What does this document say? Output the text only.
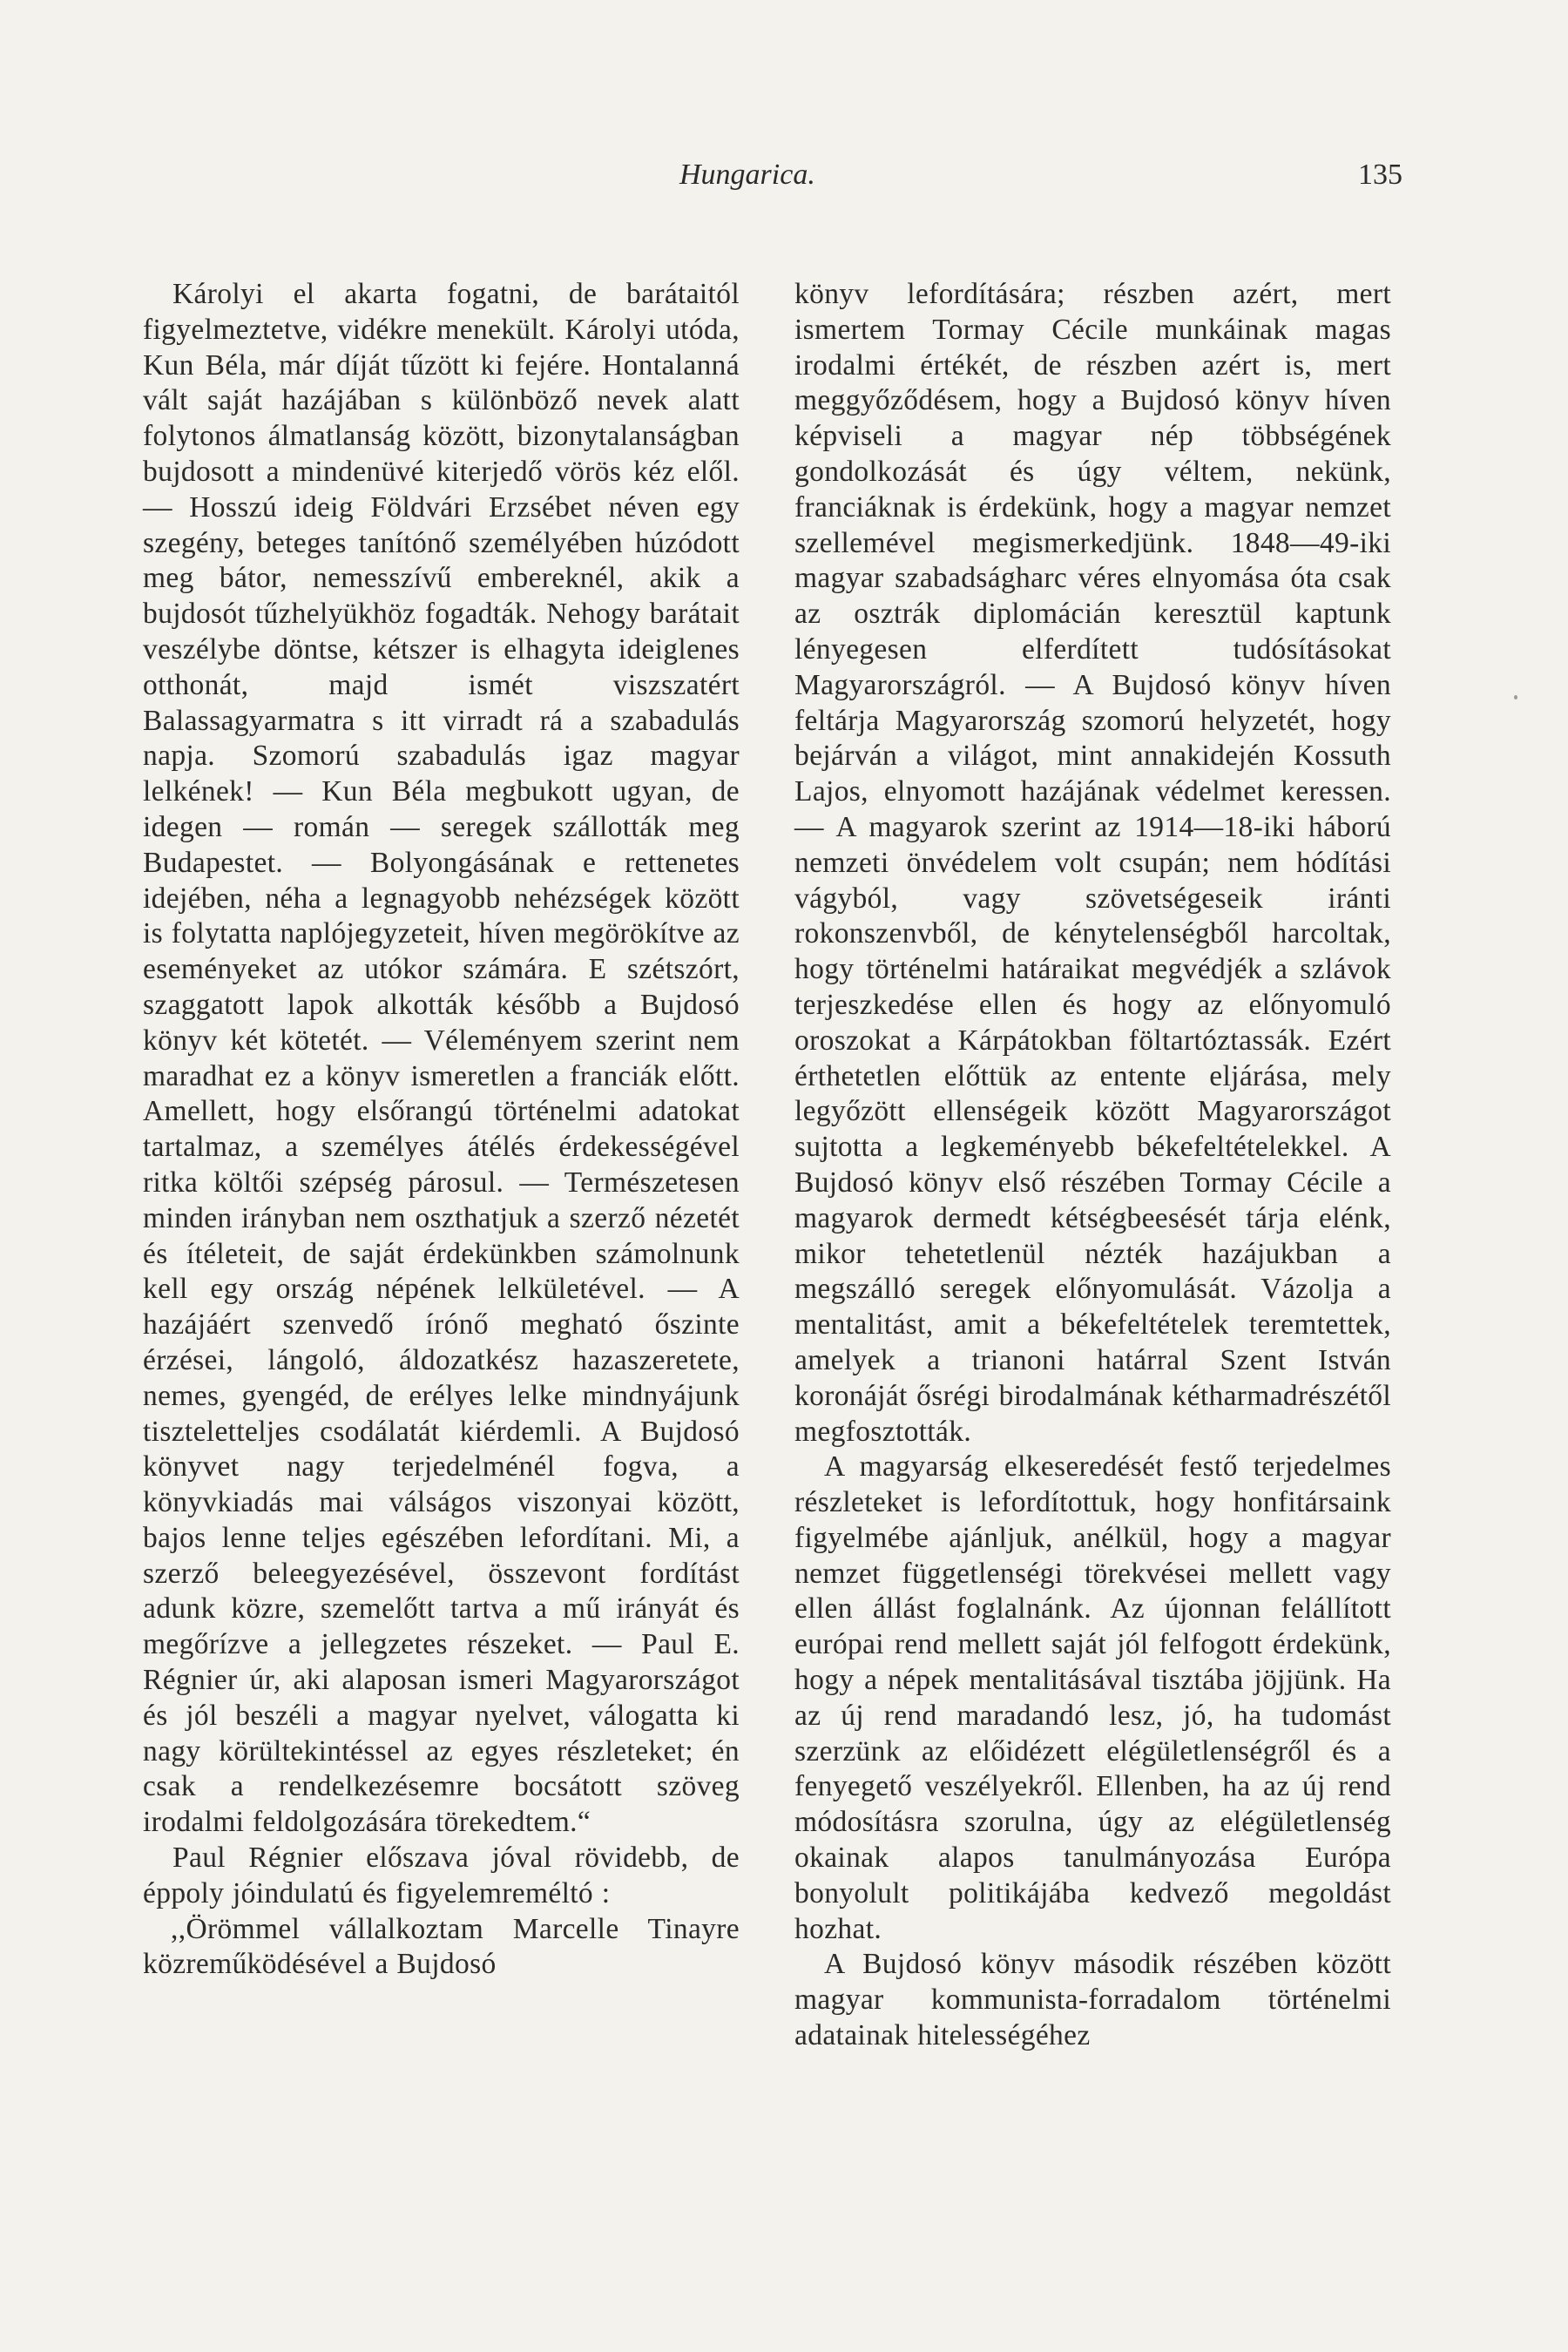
Hungarica.	135

Károlyi el akarta fogatni, de barátaitól figyelmeztetve, vidékre menekült. Károlyi utóda, Kun Béla, már díját tűzött ki fejére. Hontalanná vált saját hazájában s különböző nevek alatt folytonos álmatlanság között, bizonytalanságban bujdosott a mindenüvé kiterjedő vörös kéz elől. — Hosszú ideig Földvári Erzsébet néven egy szegény, beteges tanítónő személyében húzódott meg bátor, nemesszívű embereknél, akik a bujdosót tűzhelyükhöz fogadták. Nehogy barátait veszélybe döntse, kétszer is elhagyta ideiglenes otthonát, majd ismét viszszatért Balassagyarmatra s itt virradt rá a szabadulás napja. Szomorú szabadulás igaz magyar lelkének! — Kun Béla megbukott ugyan, de idegen — román — seregek szállották meg Budapestet. — Bolyongásának e rettenetes idejében, néha a legnagyobb nehézségek között is folytatta naplójegyzeteit, híven megörökítve az eseményeket az utókor számára. E szétszórt, szaggatott lapok alkották később a Bujdosó könyv két kötetét. — Véleményem szerint nem maradhat ez a könyv ismeretlen a franciák előtt. Amellett, hogy elsőrangú történelmi adatokat tartalmaz, a személyes átélés érdekességével ritka költői szépség párosul. — Természetesen minden irányban nem oszthatjuk a szerző nézetét és ítéleteit, de saját érdekünkben számolnunk kell egy ország népének lelkületével. — A hazájáért szenvedő írónő megható őszinte érzései, lángoló, áldozatkész hazaszeretete, nemes, gyengéd, de erélyes lelke mindnyájunk tiszteletteljes csodálatát kiérdemli. A Bujdosó könyvet nagy terjedelménél fogva, a könyvkiadás mai válságos viszonyai között, bajos lenne teljes egészében lefordítani. Mi, a szerző beleegyezésével, összevont fordítást adunk közre, szemelőtt tartva a mű irányát és megőrízve a jellegzetes részeket. — Paul E. Régnier úr, aki alaposan ismeri Magyarországot és jól beszéli a magyar nyelvet, válogatta ki nagy körültekintéssel az egyes részleteket; én csak a rendelkezésemre bocsátott szöveg irodalmi feldolgozására törekedtem.“

Paul Régnier előszava jóval rövidebb, de éppoly jóindulatú és figyelemreméltó :

,,Örömmel vállalkoztam Marcelle Tinayre közreműködésével a Bujdosó

könyv lefordítására; részben azért, mert ismertem Tormay Cécile munkáinak magas irodalmi értékét, de részben azért is, mert meggyőződésem, hogy a Bujdosó könyv híven képviseli a magyar nép többségének gondolkozását és úgy véltem, nekünk, franciáknak is érdekünk, hogy a magyar nemzet szellemével megismerkedjünk. 1848—49-iki magyar szabadságharc véres elnyomása óta csak az osztrák diplomácián keresztül kaptunk lényegesen elferdített tudósításokat Magyarországról. — A Bujdosó könyv híven feltárja Magyarország szomorú helyzetét, hogy bejárván a világot, mint annakidején Kossuth Lajos, elnyomott hazájának védelmet keressen. — A magyarok szerint az 1914—18-iki háború nemzeti önvédelem volt csupán; nem hódítási vágyból, vagy szövetségeseik iránti rokonszenvből, de kénytelenségből harcoltak, hogy történelmi határaikat megvédjék a szlávok terjeszkedése ellen és hogy az előnyomuló oroszokat a Kárpátokban föltartóztassák. Ezért érthetetlen előttük az entente eljárása, mely legyőzött ellenségeik között Magyarországot sujtotta a legkeményebb békefeltételekkel. A Bujdosó könyv első részében Tormay Cécile a magyarok dermedt kétségbeesését tárja elénk, mikor tehetetlenül nézték hazájukban a megszálló seregek előnyomulását. Vázolja a mentalitást, amit a békefeltételek teremtettek, amelyek a trianoni határral Szent István koronáját ősrégi birodalmának kétharmadrészétől megfosztották.

A magyarság elkeseredését festő terjedelmes részleteket is lefordítottuk, hogy honfitársaink figyelmébe ajánljuk, anélkül, hogy a magyar nemzet függetlenségi törekvései mellett vagy ellen állást foglalnánk. Az újonnan felállított európai rend mellett saját jól felfogott érdekünk, hogy a népek mentalitásával tisztába jöjjünk. Ha az új rend maradandó lesz, jó, ha tudomást szerzünk az előidézett elégületlenségről és a fenyegető veszélyekről. Ellenben, ha az új rend módosításra szorulna, úgy az elégületlenség okainak alapos tanulmányozása Európa bonyolult politikájába kedvező megoldást hozhat.

A Bujdosó könyv második részében között magyar kommunista-forradalom történelmi adatainak hitelességéhez
